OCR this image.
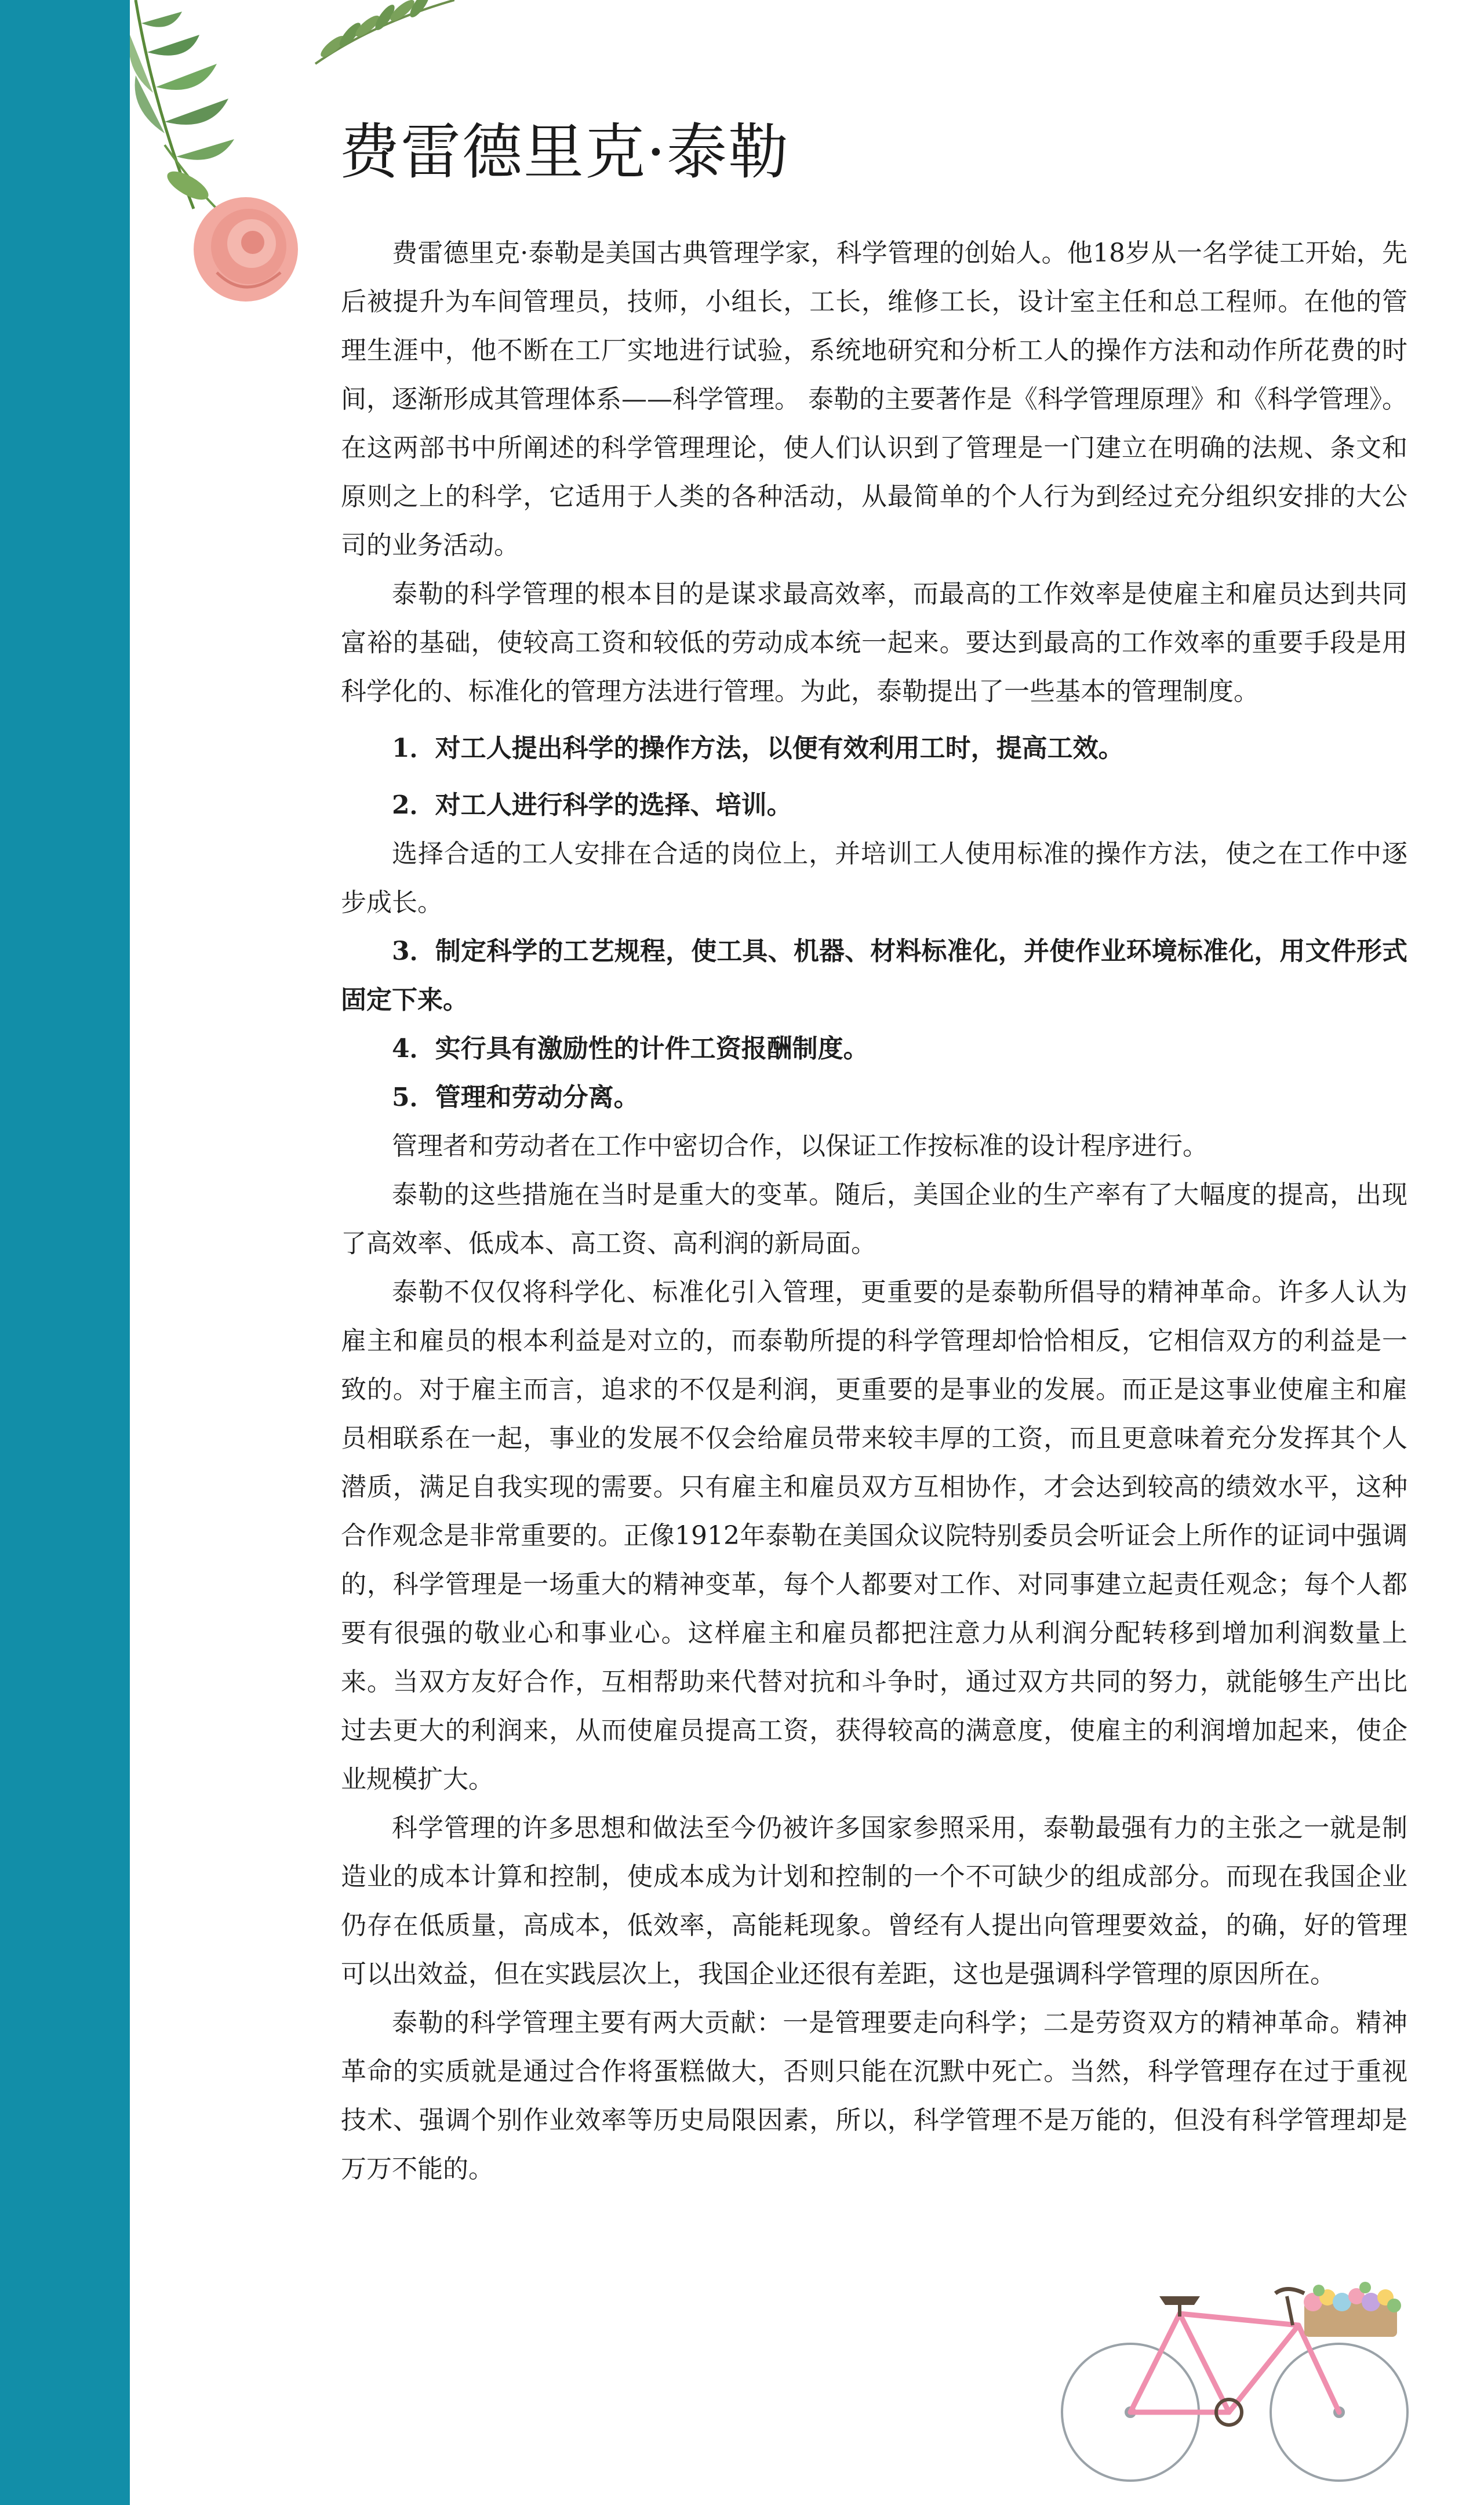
费雷德里克·泰勒

费雷德里克·泰勒是美国古典管理学家，科学管理的创始人。他18岁从一名学徒工开始，先后被提升为车间管理员，技师，小组长，工长，维修工长，设计室主任和总工程师。在他的管理生涯中，他不断在工厂实地进行试验，系统地研究和分析工人的操作方法和动作所花费的时间，逐渐形成其管理体系——科学管理。 泰勒的主要著作是《科学管理原理》和《科学管理》。在这两部书中所阐述的科学管理理论，使人们认识到了管理是一门建立在明确的法规、条文和原则之上的科学，它适用于人类的各种活动，从最简单的个人行为到经过充分组织安排的大公司的业务活动。

泰勒的科学管理的根本目的是谋求最高效率，而最高的工作效率是使雇主和雇员达到共同富裕的基础，使较高工资和较低的劳动成本统一起来。要达到最高的工作效率的重要手段是用科学化的、标准化的管理方法进行管理。为此，泰勒提出了一些基本的管理制度。

1．对工人提出科学的操作方法，以便有效利用工时，提高工效。

2．对工人进行科学的选择、培训。

选择合适的工人安排在合适的岗位上，并培训工人使用标准的操作方法，使之在工作中逐步成长。

3．制定科学的工艺规程，使工具、机器、材料标准化，并使作业环境标准化，用文件形式固定下来。

4．实行具有激励性的计件工资报酬制度。

5．管理和劳动分离。

管理者和劳动者在工作中密切合作，以保证工作按标准的设计程序进行。

泰勒的这些措施在当时是重大的变革。随后，美国企业的生产率有了大幅度的提高，出现了高效率、低成本、高工资、高利润的新局面。

泰勒不仅仅将科学化、标准化引入管理，更重要的是泰勒所倡导的精神革命。许多人认为雇主和雇员的根本利益是对立的，而泰勒所提的科学管理却恰恰相反，它相信双方的利益是一致的。对于雇主而言，追求的不仅是利润，更重要的是事业的发展。而正是这事业使雇主和雇员相联系在一起，事业的发展不仅会给雇员带来较丰厚的工资，而且更意味着充分发挥其个人潜质，满足自我实现的需要。只有雇主和雇员双方互相协作，才会达到较高的绩效水平，这种合作观念是非常重要的。正像1912年泰勒在美国众议院特别委员会听证会上所作的证词中强调的，科学管理是一场重大的精神变革，每个人都要对工作、对同事建立起责任观念；每个人都要有很强的敬业心和事业心。这样雇主和雇员都把注意力从利润分配转移到增加利润数量上来。当双方友好合作，互相帮助来代替对抗和斗争时，通过双方共同的努力，就能够生产出比过去更大的利润来，从而使雇员提高工资，获得较高的满意度，使雇主的利润增加起来，使企业规模扩大。

科学管理的许多思想和做法至今仍被许多国家参照采用，泰勒最强有力的主张之一就是制造业的成本计算和控制，使成本成为计划和控制的一个不可缺少的组成部分。而现在我国企业仍存在低质量，高成本，低效率，高能耗现象。曾经有人提出向管理要效益，的确，好的管理可以出效益，但在实践层次上，我国企业还很有差距，这也是强调科学管理的原因所在。

泰勒的科学管理主要有两大贡献：一是管理要走向科学；二是劳资双方的精神革命。精神革命的实质就是通过合作将蛋糕做大，否则只能在沉默中死亡。当然，科学管理存在过于重视技术、强调个别作业效率等历史局限因素，所以，科学管理不是万能的，但没有科学管理却是万万不能的。
